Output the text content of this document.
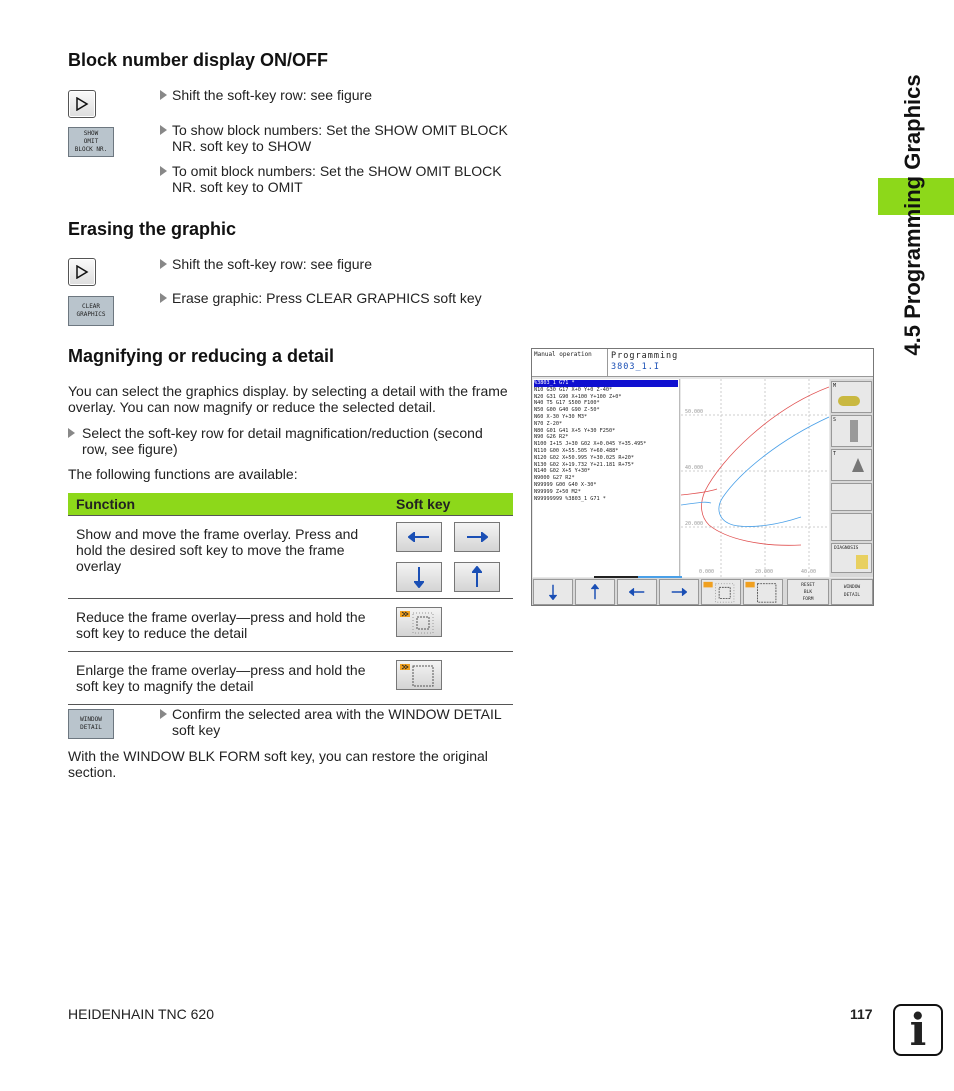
4.5 Programming Graphics
Block number display ON/OFF
Shift the soft-key row: see figure
SHOW
OMIT
BLOCK NR.
To show block numbers: Set the SHOW OMIT BLOCK NR. soft key to SHOW
To omit block numbers: Set the SHOW OMIT BLOCK NR. soft key to OMIT
Erasing the graphic
Shift the soft-key row: see figure
CLEAR
GRAPHICS
Erase graphic: Press CLEAR GRAPHICS soft key
Magnifying or reducing a detail
You can select the graphics display. by selecting a detail with the frame overlay. You can now magnify or reduce the selected detail.
Select the soft-key row for detail magnification/reduction (second row, see figure)
The following functions are available:
Function	Soft key
Show and move the frame overlay. Press and hold the desired soft key to move the frame overlay	

Reduce the frame overlay—press and hold the soft key to reduce the detail	

Enlarge the frame overlay—press and hold the soft key to magnify the detail	
WINDOW
DETAIL
Confirm the selected area with the WINDOW DETAIL soft key
With the WINDOW BLK FORM soft key, you can restore the original section.
Manual operation	Programming
3803_1.I
%3803_1 G71 *
N10 G30 G17 X+0 Y+0 Z-40*
N20 G31 G90 X+100 Y+100 Z+0*
N40 T5 G17 S500 F100*
N50 G00 G40 G90 Z-50*
N60 X-30 Y+30 M3*
N70 Z-20*
N80 G01 G41 X+5 Y+30 F250*
N90 G26 R2*
N100 I+15 J+30 G02 X+0.045 Y+35.495*
N110 G00 X+55.505 Y+60.488*
N120 G02 X+50.995 Y+30.025 R+20*
N130 G02 X+19.732 Y+21.181 R+75*
N140 G02 X+5 Y+30*
N9000 G27 R2*
N99999 G00 G40 X-30*
N99999 Z+50 M2*
N99999999 %3803_1 G71 *
50.000
40.000
20.000
0.000	20.000	40.00
M
S
T
DIAGNOSIS
RESET
BLK
FORM
WINDOW
DETAIL
HEIDENHAIN TNC 620	117 i
